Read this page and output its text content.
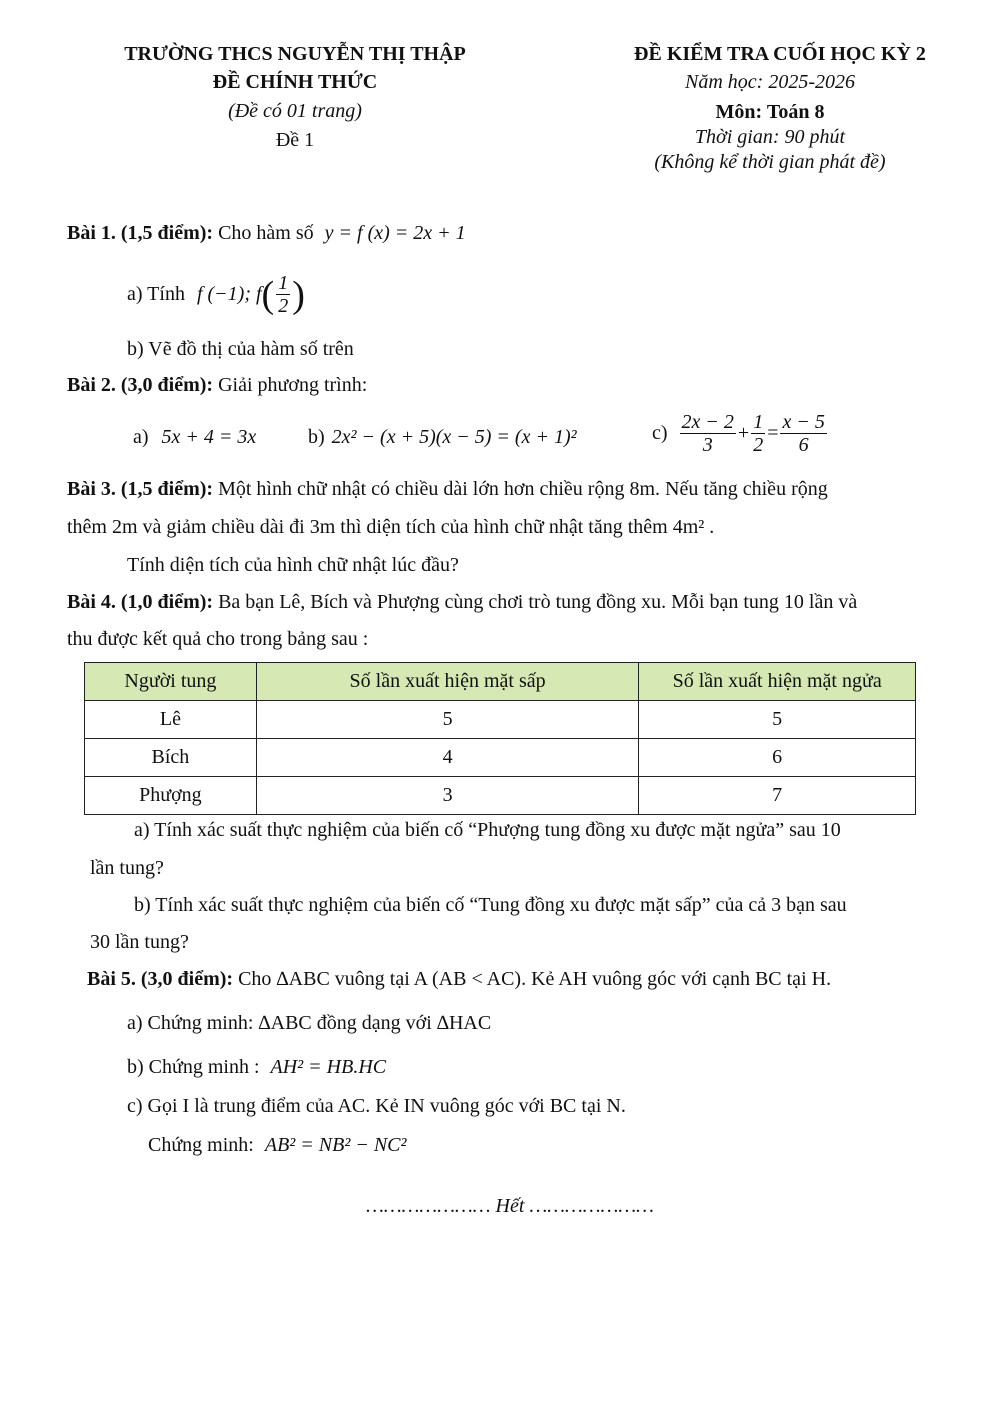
TRƯỜNG THCS NGUYỄN THỊ THẬP
ĐỀ CHÍNH THỨC
(Đề có 01 trang)
Đề 1
ĐỀ KIỂM TRA CUỐI HỌC KỲ 2
Năm học: 2025-2026
Môn: Toán 8
Thời gian: 90 phút
(Không kể thời gian phát đề)
Bài 1. (1,5 điểm): Cho hàm số y = f (x) = 2x + 1
a) Tính f (−1); f ( $\frac{1}{2}$ )
b) Vẽ đồ thị của hàm số trên
Bài 2. (3,0 điểm): Giải phương trình:
a) 5x + 4 = 3x	b) 2x² − (x + 5)(x − 5) = (x + 1)²	$c) \frac{2x - 2}{3} + \frac{1}{2} = \frac{x - 5}{6}$
Bài 3. (1,5 điểm): Một hình chữ nhật có chiều dài lớn hơn chiều rộng 8m. Nếu tăng chiều rộng
thêm 2m và giảm chiều dài đi 3m thì diện tích của hình chữ nhật tăng thêm 4m² .
Tính diện tích của hình chữ nhật lúc đầu?
Bài 4. (1,0 điểm): Ba bạn Lê, Bích và Phượng cùng chơi trò tung đồng xu. Mỗi bạn tung 10 lần và
thu được kết quả cho trong bảng sau :
Người tung	Số lần xuất hiện mặt sấp	Số lần xuất hiện mặt ngửa
Lê	5	5
Bích	4	6
Phượng	3	7
a) Tính xác suất thực nghiệm của biến cố “Phượng tung đồng xu được mặt ngửa” sau 10
lần tung?
b) Tính xác suất thực nghiệm của biến cố “Tung đồng xu được mặt sấp” của cả 3 bạn sau
30 lần tung?
Bài 5. (3,0 điểm): Cho ∆ABC vuông tại A (AB < AC). Kẻ AH vuông góc với cạnh BC tại H.
a) Chứng minh: ∆ABC đồng dạng với ∆HAC
b) Chứng minh : AH² = HB.HC
c) Gọi I là trung điểm của AC. Kẻ IN vuông góc với BC tại N.
Chứng minh: AB² = NB² − NC²
………………… Hết …………………
